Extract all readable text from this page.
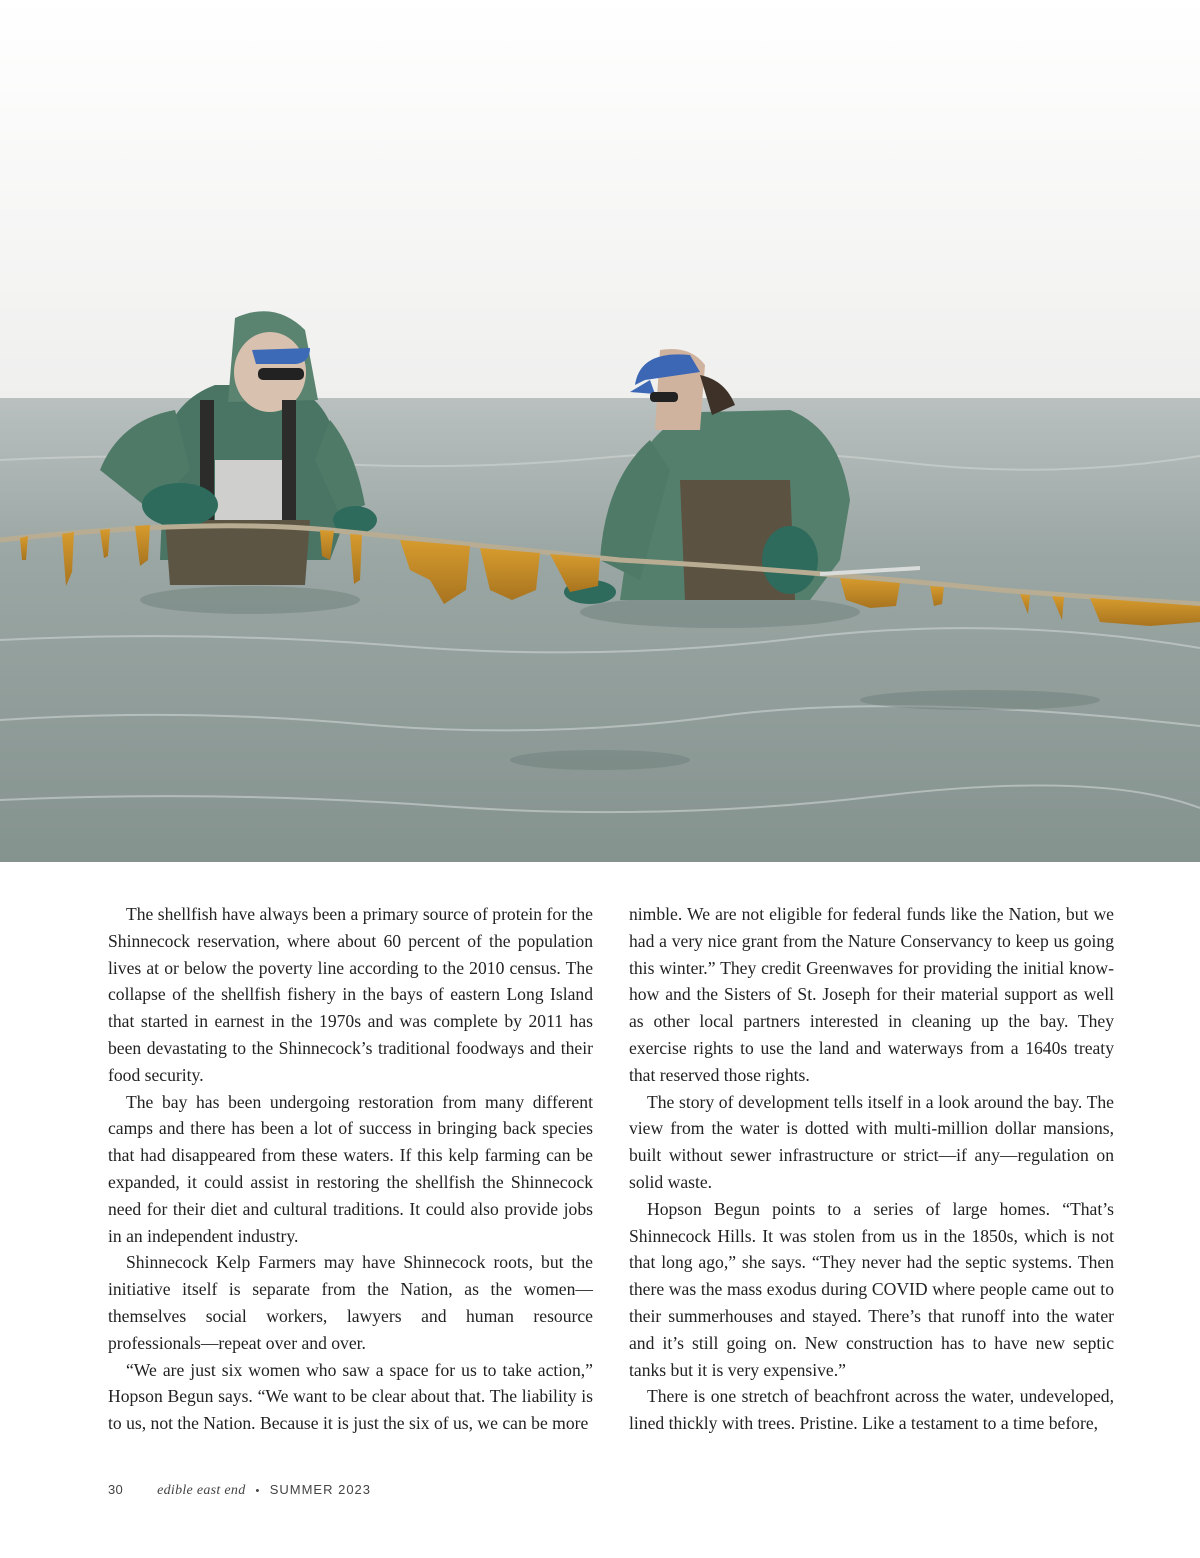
The shellfish have always been a primary source of protein for the Shinnecock reservation, where about 60 percent of the population lives at or below the poverty line according to the 2010 census. The collapse of the shellfish fishery in the bays of eastern Long Island that started in earnest in the 1970s and was complete by 2011 has been devastating to the Shinnecock’s traditional foodways and their food security.

The bay has been undergoing restoration from many different camps and there has been a lot of success in bringing back species that had disappeared from these waters. If this kelp farming can be expanded, it could assist in restoring the shellfish the Shinnecock need for their diet and cultural traditions. It could also provide jobs in an independent industry.

Shinnecock Kelp Farmers may have Shinnecock roots, but the initiative itself is separate from the Nation, as the women—themselves social workers, lawyers and human resource professionals—repeat over and over.

“We are just six women who saw a space for us to take action,” Hopson Begun says. “We want to be clear about that. The liability is to us, not the Nation. Because it is just the six of us, we can be more

nimble. We are not eligible for federal funds like the Nation, but we had a very nice grant from the Nature Conservancy to keep us going this winter.” They credit Greenwaves for providing the initial know-how and the Sisters of St. Joseph for their material support as well as other local partners interested in cleaning up the bay. They exercise rights to use the land and waterways from a 1640s treaty that reserved those rights.

The story of development tells itself in a look around the bay. The view from the water is dotted with multi-million dollar mansions, built without sewer infrastructure or strict—if any—regulation on solid waste.

Hopson Begun points to a series of large homes. “That’s Shinnecock Hills. It was stolen from us in the 1850s, which is not that long ago,” she says. “They never had the septic systems. Then there was the mass exodus during COVID where people came out to their summerhouses and stayed. There’s that runoff into the water and it’s still going on. New construction has to have new septic tanks but it is very expensive.”

There is one stretch of beachfront across the water, undeveloped, lined thickly with trees. Pristine. Like a testament to a time before,

30 edible east end • SUMMER 2023
